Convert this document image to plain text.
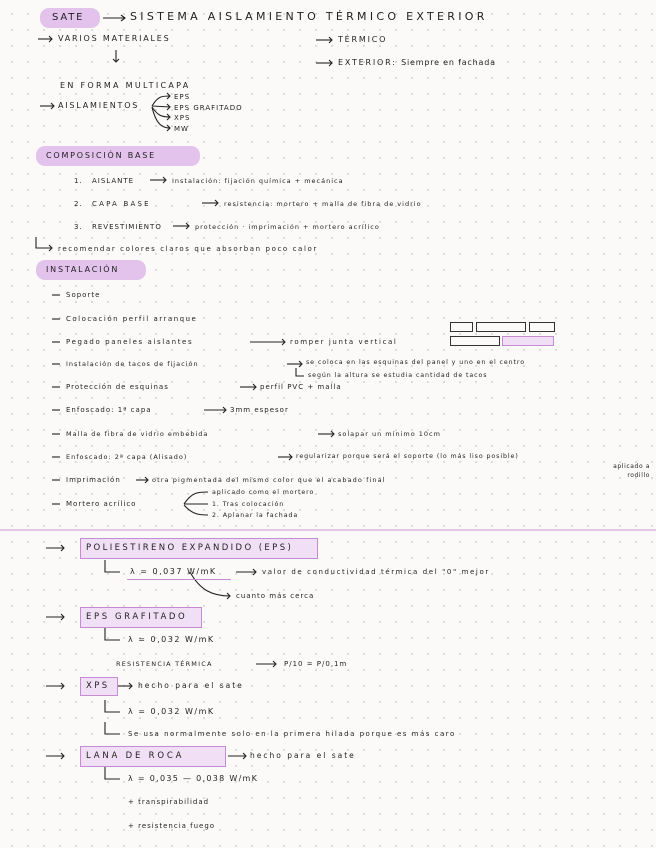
SATE	SISTEMA AISLAMIENTO TÉRMICO EXTERIOR
VARIOS MATERIALES	TÉRMICO
EXTERIOR: Siempre en fachada
EN FORMA MULTICAPA
AISLAMIENTOS
EPS
EPS GRAFITADO
XPS
MW
COMPOSICIÓN BASE
1. AISLANTE	Instalación: fijación química + mecánica
2. CAPA BASE	resistencia: mortero + malla de fibra de vidrio
3. REVESTIMIENTO	protección · imprimación + mortero acrílico
recomendar colores claros que absorban poco calor
INSTALACIÓN
Soporte
Colocación perfil arranque
Pegado paneles aislantes	romper junta vertical
Instalación de tacos de fijación	se coloca en las esquinas del panel y uno en el centro
según la altura se estudia cantidad de tacos
Protección de esquinas	perfil PVC + malla
Enfoscado: 1ª capa	3mm espesor
Malla de fibra de vidrio embebida	solapar un mínimo 10cm
Enfoscado: 2ª capa (Alisado)	regularizar porque será el soporte (lo más liso posible)
Imprimación	otra pigmentada del mismo color que el acabado final
aplicado a rodillo
Mortero acrílico
aplicado como el mortero
1. Tras colocación
2. Aplanar la fachada
POLIESTIRENO EXPANDIDO (EPS)
λ = 0,037 W/mK	valor de conductividad térmica del "0" mejor
cuanto más cerca
EPS GRAFITADO
λ = 0,032 W/mK
RESISTENCIA TÉRMICA	P/10 = P/0,1m
XPS	hecho para el sate
λ = 0,032 W/mK
Se usa normalmente solo en la primera hilada porque es más caro
LANA DE ROCA	hecho para el sate
λ = 0,035 — 0,038 W/mK
+ transpirabilidad
+ resistencia fuego
